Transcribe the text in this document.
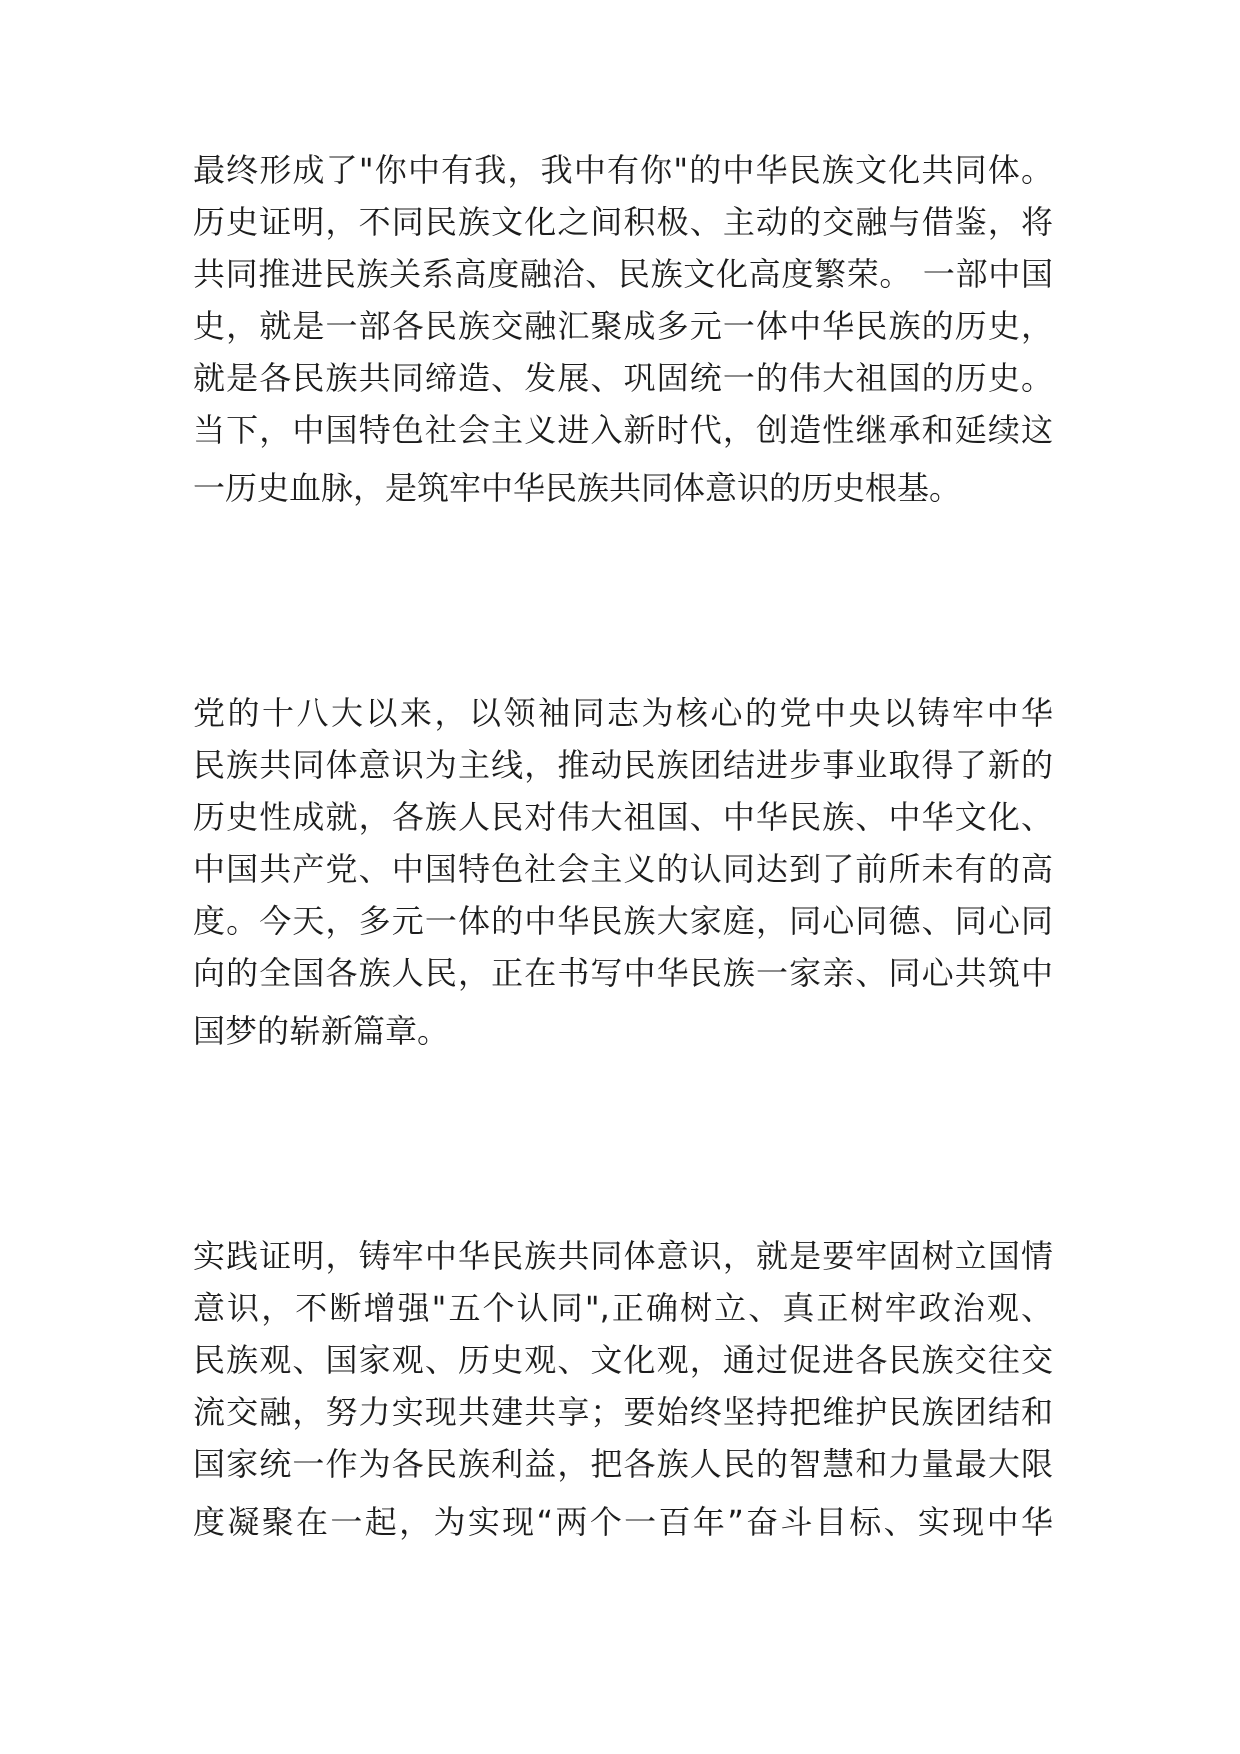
最终形成了"你中有我，我中有你"的中华民族文化共同体。

历史证明，不同民族文化之间积极、主动的交融与借鉴，将

共同推进民族关系高度融洽、民族文化高度繁荣。 一部中国

史，就是一部各民族交融汇聚成多元一体中华民族的历史，

就是各民族共同缔造、发展、巩固统一的伟大祖国的历史。

当下，中国特色社会主义进入新时代，创造性继承和延续这

一历史血脉，是筑牢中华民族共同体意识的历史根基。

党的十八大以来，以领袖同志为核心的党中央以铸牢中华

民族共同体意识为主线，推动民族团结进步事业取得了新的

历史性成就，各族人民对伟大祖国、中华民族、中华文化、

中国共产党、中国特色社会主义的认同达到了前所未有的高

度。今天，多元一体的中华民族大家庭，同心同德、同心同

向的全国各族人民，正在书写中华民族一家亲、同心共筑中

国梦的崭新篇章。

实践证明，铸牢中华民族共同体意识，就是要牢固树立国情

意识，不断增强"五个认同",正确树立、真正树牢政治观、

民族观、国家观、历史观、文化观，通过促进各民族交往交

流交融，努力实现共建共享；要始终坚持把维护民族团结和

国家统一作为各民族利益，把各族人民的智慧和力量最大限

度凝聚在一起，为实现“两个一百年”奋斗目标、实现中华
